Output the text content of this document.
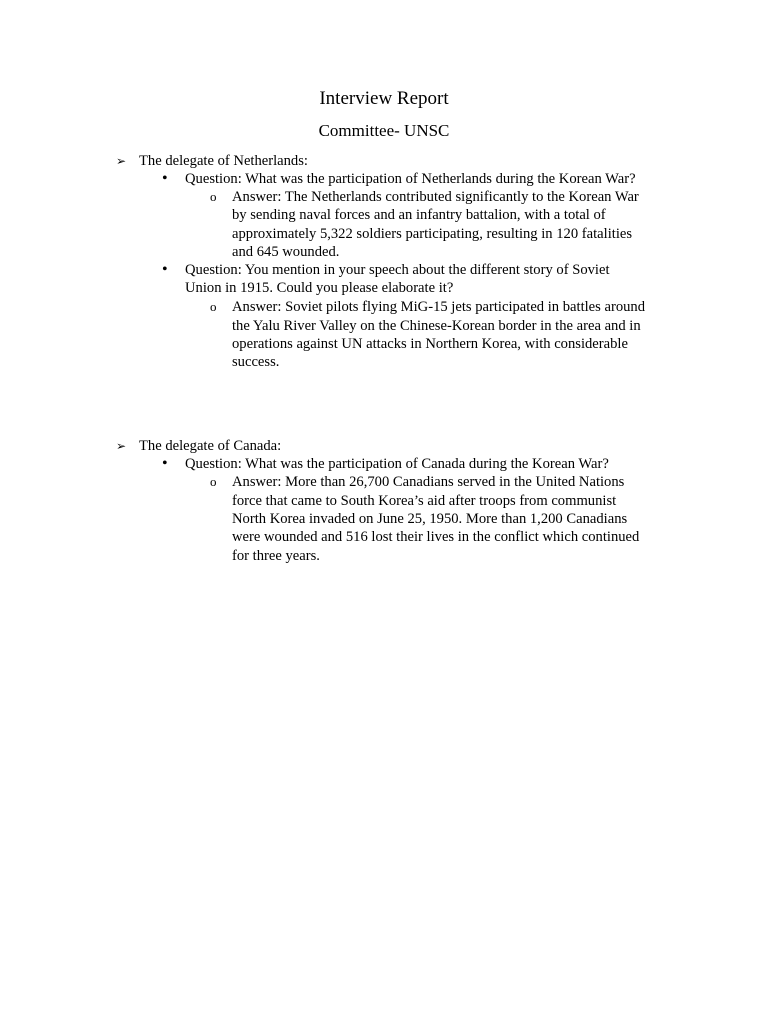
Interview Report
Committee- UNSC
➢ The delegate of Netherlands:
• Question: What was the participation of Netherlands during the Korean War?
o Answer: The Netherlands contributed significantly to the Korean War
by sending naval forces and an infantry battalion, with a total of
approximately 5,322 soldiers participating, resulting in 120 fatalities
and 645 wounded.
• Question: You mention in your speech about the different story of Soviet
Union in 1915. Could you please elaborate it?
o Answer: Soviet pilots flying MiG-15 jets participated in battles around
the Yalu River Valley on the Chinese-Korean border in the area and in
operations against UN attacks in Northern Korea, with considerable
success.
➢ The delegate of Canada:
• Question: What was the participation of Canada during the Korean War?
o Answer: More than 26,700 Canadians served in the United Nations
force that came to South Korea’s aid after troops from communist
North Korea invaded on June 25, 1950. More than 1,200 Canadians
were wounded and 516 lost their lives in the conflict which continued
for three years.
